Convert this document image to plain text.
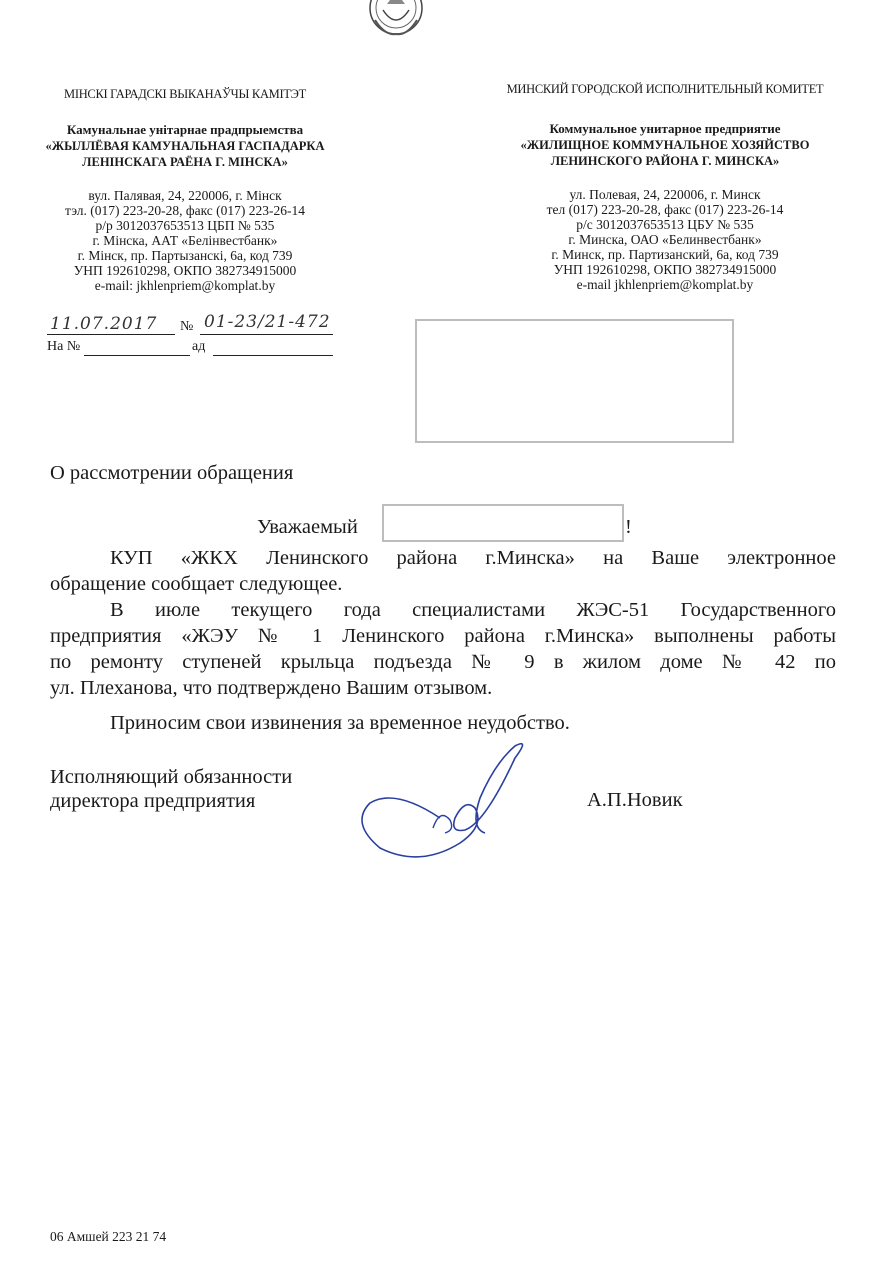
МІНСКІ ГАРАДСКІ ВЫКАНАЎЧЫ КАМІТЭТ
Камунальнае унітарнае прадпрыемства
«ЖЫЛЛЁВАЯ КАМУНАЛЬНАЯ ГАСПАДАРКА
ЛЕНІНСКАГА РАЁНА Г. МІНСКА»
вул. Палявая, 24, 220006, г. Мінск
тэл. (017) 223-20-28, факс (017) 223-26-14
р/р 3012037653513 ЦБП № 535
г. Мінска, ААТ «Белінвестбанк»
г. Мінск, пр. Партызанскі, 6а, код 739
УНП 192610298, ОКПО 382734915000
e-mail: jkhlenpriem@komplat.by
МИНСКИЙ ГОРОДСКОЙ ИСПОЛНИТЕЛЬНЫЙ КОМИТЕТ
Коммунальное унитарное предприятие
«ЖИЛИЩНОЕ КОММУНАЛЬНОЕ ХОЗЯЙСТВО
ЛЕНИНСКОГО РАЙОНА Г. МИНСКА»
ул. Полевая, 24, 220006, г. Минск
тел (017) 223-20-28, факс (017) 223-26-14
р/с 3012037653513 ЦБУ № 535
г. Минска, ОАО «Белинвестбанк»
г. Минск, пр. Партизанский, 6а, код 739
УНП 192610298, ОКПО 382734915000
e-mail jkhlenpriem@komplat.by
11.07.2017 № 01-23/21-472
На №	ад
О рассмотрении обращения
Уважаемый	!
КУП «ЖКХ Ленинского района г.Минска» на Ваше электронное
обращение сообщает следующее.
В июле текущего года специалистами ЖЭС-51 Государственного
предприятия «ЖЭУ № 1 Ленинского района г.Минска» выполнены работы
по ремонту ступеней крыльца подъезда № 9 в жилом доме № 42 по
ул. Плеханова, что подтверждено Вашим отзывом.
Приносим свои извинения за временное неудобство.
Исполняющий обязанности
директора предприятия	А.П.Новик
06 Амшей 223 21 74
